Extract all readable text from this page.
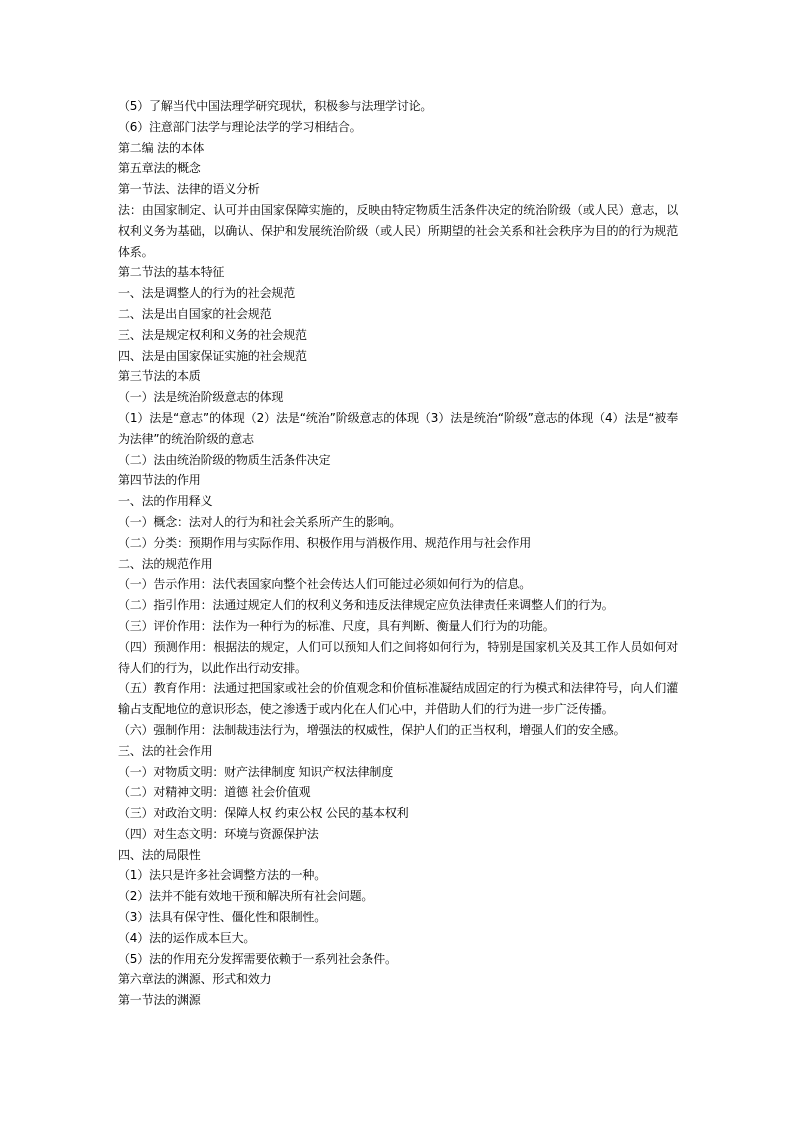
（5）了解当代中国法理学研究现状，积极参与法理学讨论。
（6）注意部门法学与理论法学的学习相结合。
第二编 法的本体
第五章法的概念
第一节法、法律的语义分析
法：由国家制定、认可并由国家保障实施的，反映由特定物质生活条件决定的统治阶级（或人民）意志，以权利义务为基础，以确认、保护和发展统治阶级（或人民）所期望的社会关系和社会秩序为目的的行为规范体系。
第二节法的基本特征
一、法是调整人的行为的社会规范
二、法是出自国家的社会规范
三、法是规定权利和义务的社会规范
四、法是由国家保证实施的社会规范
第三节法的本质
（一）法是统治阶级意志的体现
（1）法是“意志”的体现（2）法是“统治”阶级意志的体现（3）法是统治“阶级”意志的体现（4）法是“被奉为法律”的统治阶级的意志
（二）法由统治阶级的物质生活条件决定
第四节法的作用
一、法的作用释义
（一）概念：法对人的行为和社会关系所产生的影响。
（二）分类：预期作用与实际作用、积极作用与消极作用、规范作用与社会作用
二、法的规范作用
（一）告示作用：法代表国家向整个社会传达人们可能过必须如何行为的信息。
（二）指引作用：法通过规定人们的权利义务和违反法律规定应负法律责任来调整人们的行为。
（三）评价作用：法作为一种行为的标准、尺度，具有判断、衡量人们行为的功能。
（四）预测作用：根据法的规定，人们可以预知人们之间将如何行为，特别是国家机关及其工作人员如何对待人们的行为，以此作出行动安排。
（五）教育作用：法通过把国家或社会的价值观念和价值标准凝结成固定的行为模式和法律符号，向人们灌输占支配地位的意识形态，使之渗透于或内化在人们心中，并借助人们的行为进一步广泛传播。
（六）强制作用：法制裁违法行为，增强法的权威性，保护人们的正当权利，增强人们的安全感。
三、法的社会作用
（一）对物质文明：财产法律制度 知识产权法律制度
（二）对精神文明：道德 社会价值观
（三）对政治文明：保障人权 约束公权 公民的基本权利
（四）对生态文明：环境与资源保护法
四、法的局限性
（1）法只是许多社会调整方法的一种。
（2）法并不能有效地干预和解决所有社会问题。
（3）法具有保守性、僵化性和限制性。
（4）法的运作成本巨大。
（5）法的作用充分发挥需要依赖于一系列社会条件。
第六章法的渊源、形式和效力
第一节法的渊源
